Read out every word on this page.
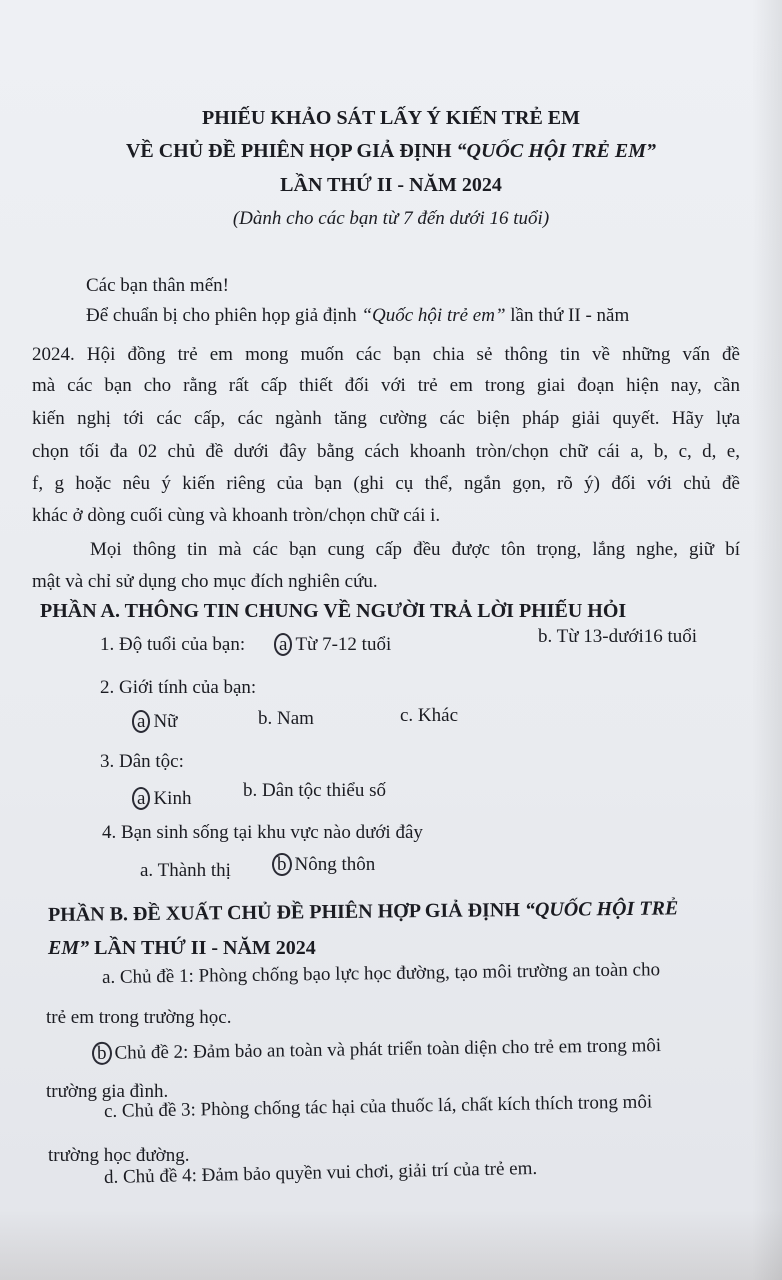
PHIẾU KHẢO SÁT LẤY Ý KIẾN TRẺ EM
VỀ CHỦ ĐỀ PHIÊN HỌP GIẢ ĐỊNH “QUỐC HỘI TRẺ EM”
LẦN THỨ II - NĂM 2024
(Dành cho các bạn từ 7 đến dưới 16 tuổi)
Các bạn thân mến!
Để chuẩn bị cho phiên họp giả định “Quốc hội trẻ em” lần thứ II - năm
2024. Hội đồng trẻ em mong muốn các bạn chia sẻ thông tin về những vấn đề
mà các bạn cho rằng rất cấp thiết đối với trẻ em trong giai đoạn hiện nay, cần
kiến nghị tới các cấp, các ngành tăng cường các biện pháp giải quyết. Hãy lựa
chọn tối đa 02 chủ đề dưới đây bằng cách khoanh tròn/chọn chữ cái a, b, c, d, e,
f, g hoặc nêu ý kiến riêng của bạn (ghi cụ thể, ngắn gọn, rõ ý) đối với chủ đề
khác ở dòng cuối cùng và khoanh tròn/chọn chữ cái i.
Mọi thông tin mà các bạn cung cấp đều được tôn trọng, lắng nghe, giữ bí
mật và chỉ sử dụng cho mục đích nghiên cứu.
PHẦN A. THÔNG TIN CHUNG VỀ NGƯỜI TRẢ LỜI PHIẾU HỎI
1. Độ tuổi của bạn: a Từ 7-12 tuổi	b. Từ 13-dưới16 tuổi
2. Giới tính của bạn:
a Nữ	b. Nam	c. Khác
3. Dân tộc:
a Kinh	b. Dân tộc thiểu số
4. Bạn sinh sống tại khu vực nào dưới đây
a. Thành thị b Nông thôn
PHẦN B. ĐỀ XUẤT CHỦ ĐỀ PHIÊN HỢP GIẢ ĐỊNH “QUỐC HỘI TRẺ
EM” LẦN THỨ II - NĂM 2024
a. Chủ đề 1: Phòng chống bạo lực học đường, tạo môi trường an toàn cho
trẻ em trong trường học.
b Chủ đề 2: Đảm bảo an toàn và phát triển toàn diện cho trẻ em trong môi
trường gia đình.
c. Chủ đề 3: Phòng chống tác hại của thuốc lá, chất kích thích trong môi
trường học đường.
d. Chủ đề 4: Đảm bảo quyền vui chơi, giải trí của trẻ em.
